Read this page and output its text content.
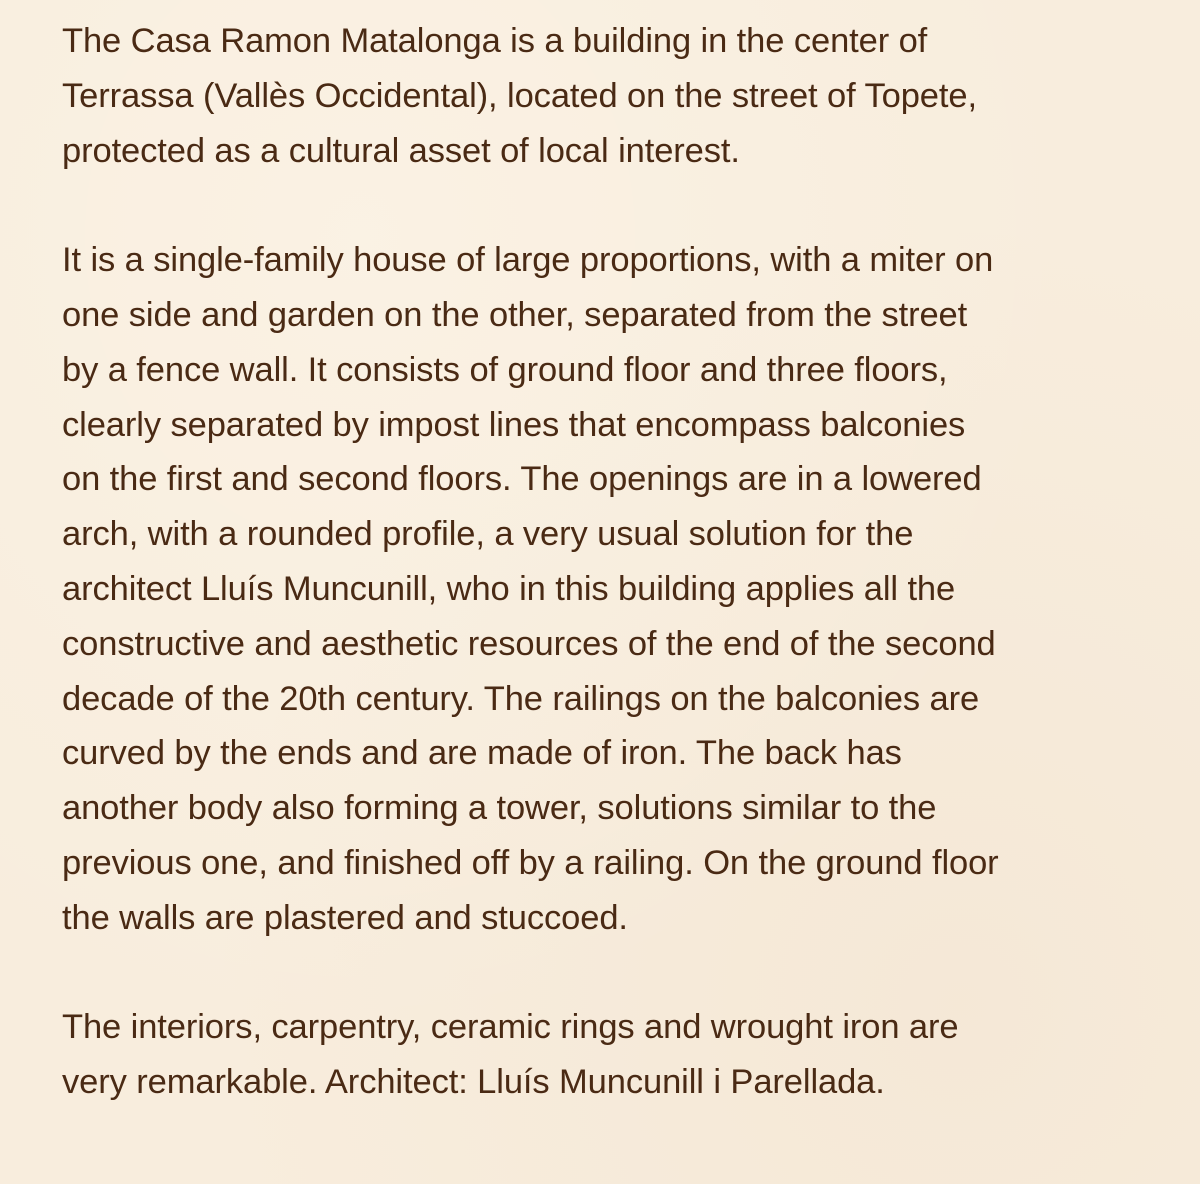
The Casa Ramon Matalonga is a building in the center of
Terrassa (Vallès Occidental), located on the street of Topete,
protected as a cultural asset of local interest.

It is a single-family house of large proportions, with a miter on
one side and garden on the other, separated from the street
by a fence wall. It consists of ground floor and three floors,
clearly separated by impost lines that encompass balconies
on the first and second floors. The openings are in a lowered
arch, with a rounded profile, a very usual solution for the
architect Lluís Muncunill, who in this building applies all the
constructive and aesthetic resources of the end of the second
decade of the 20th century. The railings on the balconies are
curved by the ends and are made of iron. The back has
another body also forming a tower, solutions similar to the
previous one, and finished off by a railing. On the ground floor
the walls are plastered and stuccoed.

The interiors, carpentry, ceramic rings and wrought iron are
very remarkable. Architect: Lluís Muncunill i Parellada.
